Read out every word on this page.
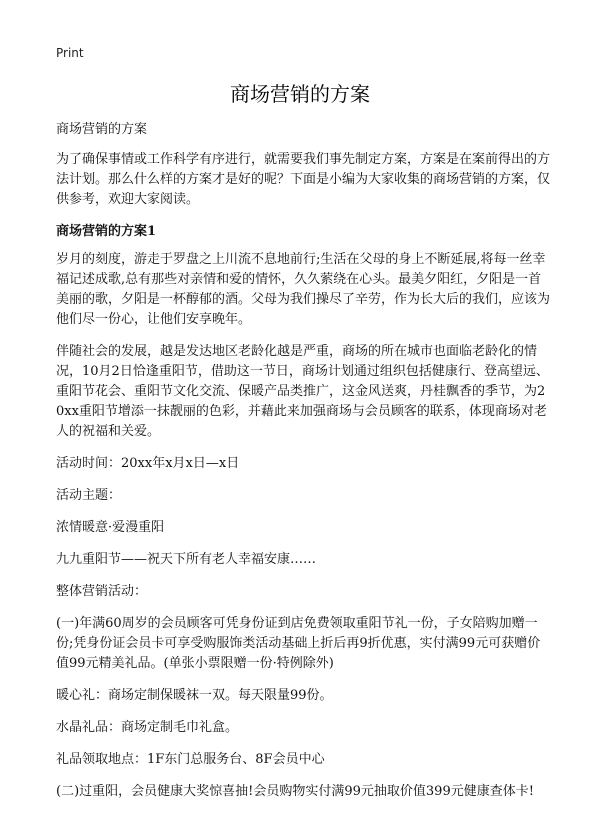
Print
商场营销的方案

商场营销的方案

为了确保事情或工作科学有序进行，就需要我们事先制定方案，方案是在案前得出的方法计划。那么什么样的方案才是好的呢？下面是小编为大家收集的商场营销的方案，仅供参考，欢迎大家阅读。

商场营销的方案1

岁月的刻度，游走于罗盘之上川流不息地前行;生活在父母的身上不断延展,将每一丝幸福记述成歌,总有那些对亲情和爱的情怀，久久萦绕在心头。最美夕阳红，夕阳是一首美丽的歌，夕阳是一杯醇郁的酒。父母为我们操尽了辛劳，作为长大后的我们，应该为他们尽一份心，让他们安享晚年。

伴随社会的发展，越是发达地区老龄化越是严重，商场的所在城市也面临老龄化的情况，10月2日恰逢重阳节，借助这一节日，商场计划通过组织包括健康行、登高望远、重阳节花会、重阳节文化交流、保暖产品类推广，这金风送爽，丹桂飘香的季节，为20xx重阳节增添一抹靓丽的色彩，并藉此来加强商场与会员顾客的联系，体现商场对老人的祝福和关爱。

活动时间：20xx年x月x日—x日

活动主题：

浓情暖意·爱漫重阳

九九重阳节——祝天下所有老人幸福安康……

整体营销活动：

(一)年满60周岁的会员顾客可凭身份证到店免费领取重阳节礼一份，子女陪购加赠一份;凭身份证会员卡可享受购服饰类活动基础上折后再9折优惠，实付满99元可获赠价值99元精美礼品。(单张小票限赠一份·特例除外)

暖心礼：商场定制保暖袜一双。每天限量99份。

水晶礼品：商场定制毛巾礼盒。

礼品领取地点：1F东门总服务台、8F会员中心

(二)过重阳，会员健康大奖惊喜抽!会员购物实付满99元抽取价值399元健康查体卡!
